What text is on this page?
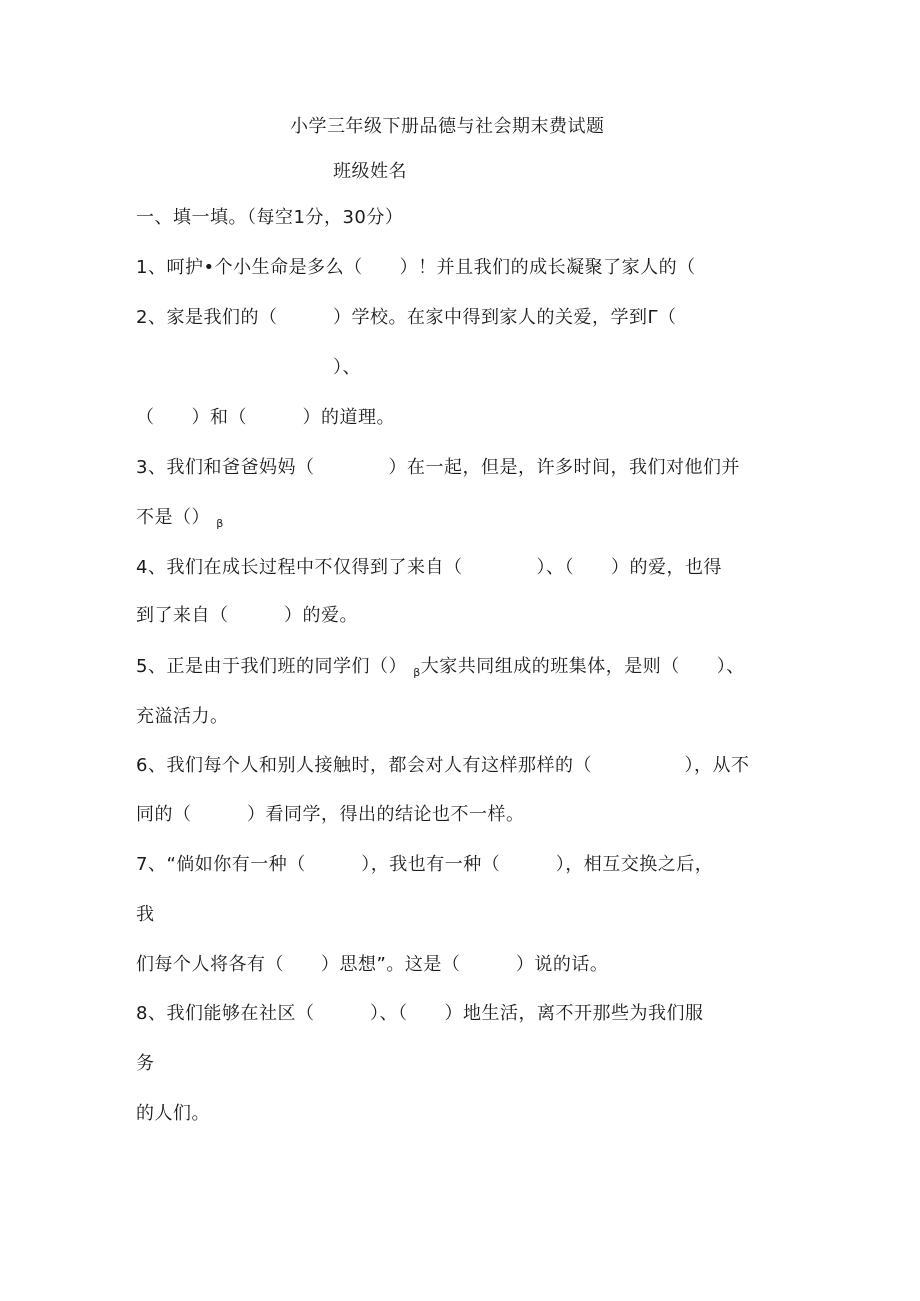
小学三年级下册品德与社会期末费试题
班级姓名
一、填一填。（每空1分，30分）
1、呵护•个小生命是多么（　　）！并且我们的成长凝聚了家人的（
2、家是我们的（　　　）学校。在家中得到家人的关爱，学到Γ（
）、
（　　）和（　　　）的道理。
3、我们和爸爸妈妈（　　　　）在一起，但是，许多时间，我们对他们并
不是（） $_\beta$
4、我们在成长过程中不仅得到了来自（　　　　）、（　　）的爱，也得
到了来自（　　　）的爱。
5、正是由于我们班的同学们（） $_\beta$大家共同组成的班集体，是则（　　）、
充溢活力。
6、我们每个人和别人接触时，都会对人有这样那样的（　　　　　），从不
同的（　　　）看同学，得出的结论也不一样。
7、“倘如你有一种（　　　），我也有一种（　　　），相互交换之后，
我
们每个人将各有（　　）思想”。这是（　　　）说的话。
8、我们能够在社区（　　　）、（　　）地生活，离不开那些为我们服
务
的人们。
